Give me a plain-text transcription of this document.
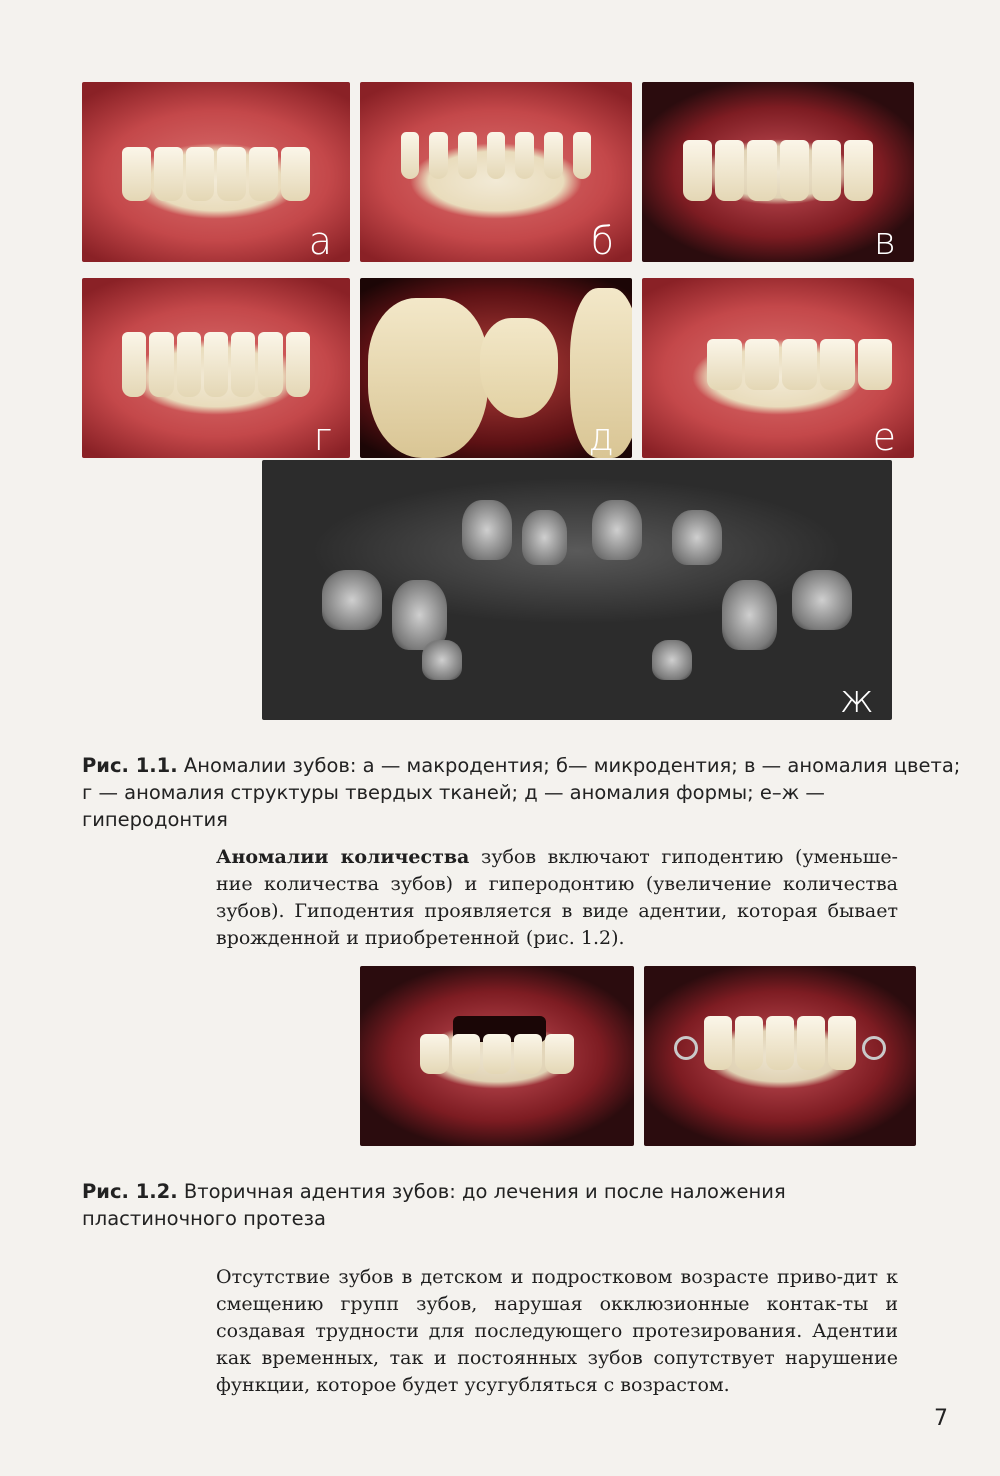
а	б	в
г	д	е
ж
Рис. 1.1. Аномалии зубов: а — макродентия; б— микродентия; в — аномалия цвета;
г — аномалия структуры твердых тканей; д — аномалия формы; е–ж — гиперодонтия
Аномалии количества зубов включают гиподентию (уменьше-ние количества зубов) и гиперодонтию (увеличение количества зубов). Гиподентия проявляется в виде адентии, которая бывает врожденной и приобретенной (рис. 1.2).
Рис. 1.2. Вторичная адентия зубов: до лечения и после наложения пластиночного протеза
Отсутствие зубов в детском и подростковом возрасте приво-дит к смещению групп зубов, нарушая окклюзионные контак-ты и создавая трудности для последующего протезирования. Адентии как временных, так и постоянных зубов сопутствует нарушение функции, которое будет усугубляться с возрастом.
7
